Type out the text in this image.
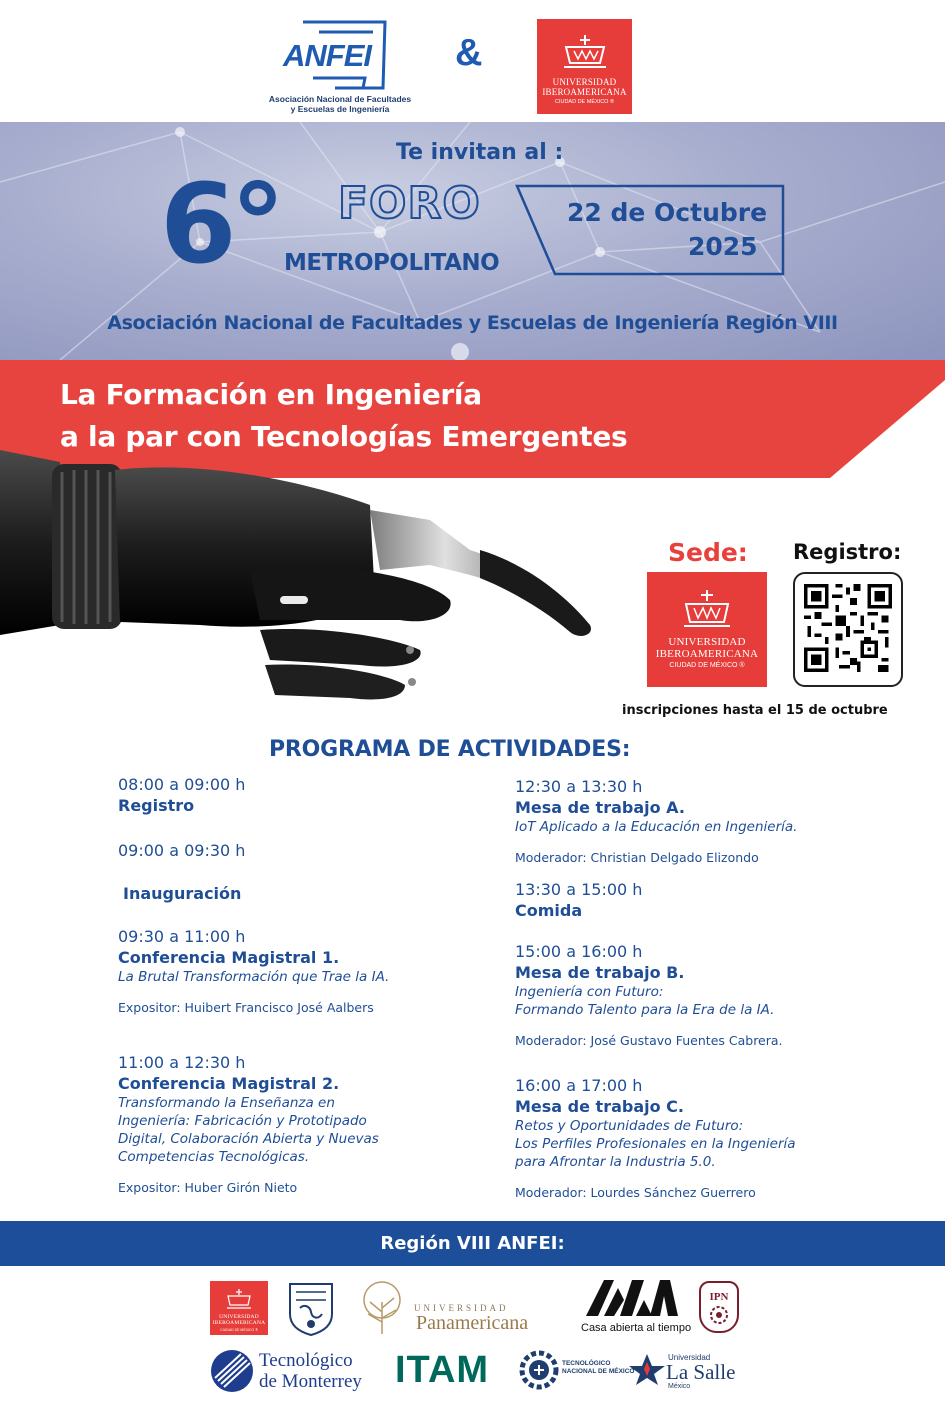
ANFEI
Asociación Nacional de Facultades
y Escuelas de Ingeniería
&
UNIVERSIDAD
IBEROAMERICANA
CIUDAD DE MÉXICO ®
Te invitan al :
6° FORO
METROPOLITANO
22 de Octubre
2025
Asociación Nacional de Facultades y Escuelas de Ingeniería Región VIII
La Formación en Ingeniería
a la par con Tecnologías Emergentes
Sede: Registro:
UNIVERSIDAD
IBEROAMERICANA
CIUDAD DE MÉXICO ®
inscripciones hasta el 15 de octubre
PROGRAMA DE ACTIVIDADES:
08:00 a 09:00 h
Registro
09:00 a 09:30 h
Inauguración
09:30 a 11:00 h
Conferencia Magistral 1.
La Brutal Transformación que Trae la IA.
Expositor: Huibert Francisco José Aalbers
11:00 a 12:30 h
Conferencia Magistral 2.
Transformando la Enseñanza en
Ingeniería: Fabricación y Prototipado
Digital, Colaboración Abierta y Nuevas
Competencias Tecnológicas.
Expositor: Huber Girón Nieto
12:30 a 13:30 h
Mesa de trabajo A.
IoT Aplicado a la Educación en Ingeniería.
Moderador: Christian Delgado Elizondo
13:30 a 15:00 h
Comida
15:00 a 16:00 h
Mesa de trabajo B.
Ingeniería con Futuro:
Formando Talento para la Era de la IA.
Moderador: José Gustavo Fuentes Cabrera.
16:00 a 17:00 h
Mesa de trabajo C.
Retos y Oportunidades de Futuro:
Los Perfiles Profesionales en la Ingeniería
para Afrontar la Industria 5.0.
Moderador: Lourdes Sánchez Guerrero
Región VIII ANFEI:
UNIVERSIDAD
IBEROAMERICANA
CIUDAD DE MÉXICO ®
UNIVERSIDAD
Panamericana	Casa abierta al tiempo
IPN
Tecnológico
de Monterrey ITAM	TECNOLÓGICO
NACIONAL DE MÉXICO
Universidad
La Salle
México
